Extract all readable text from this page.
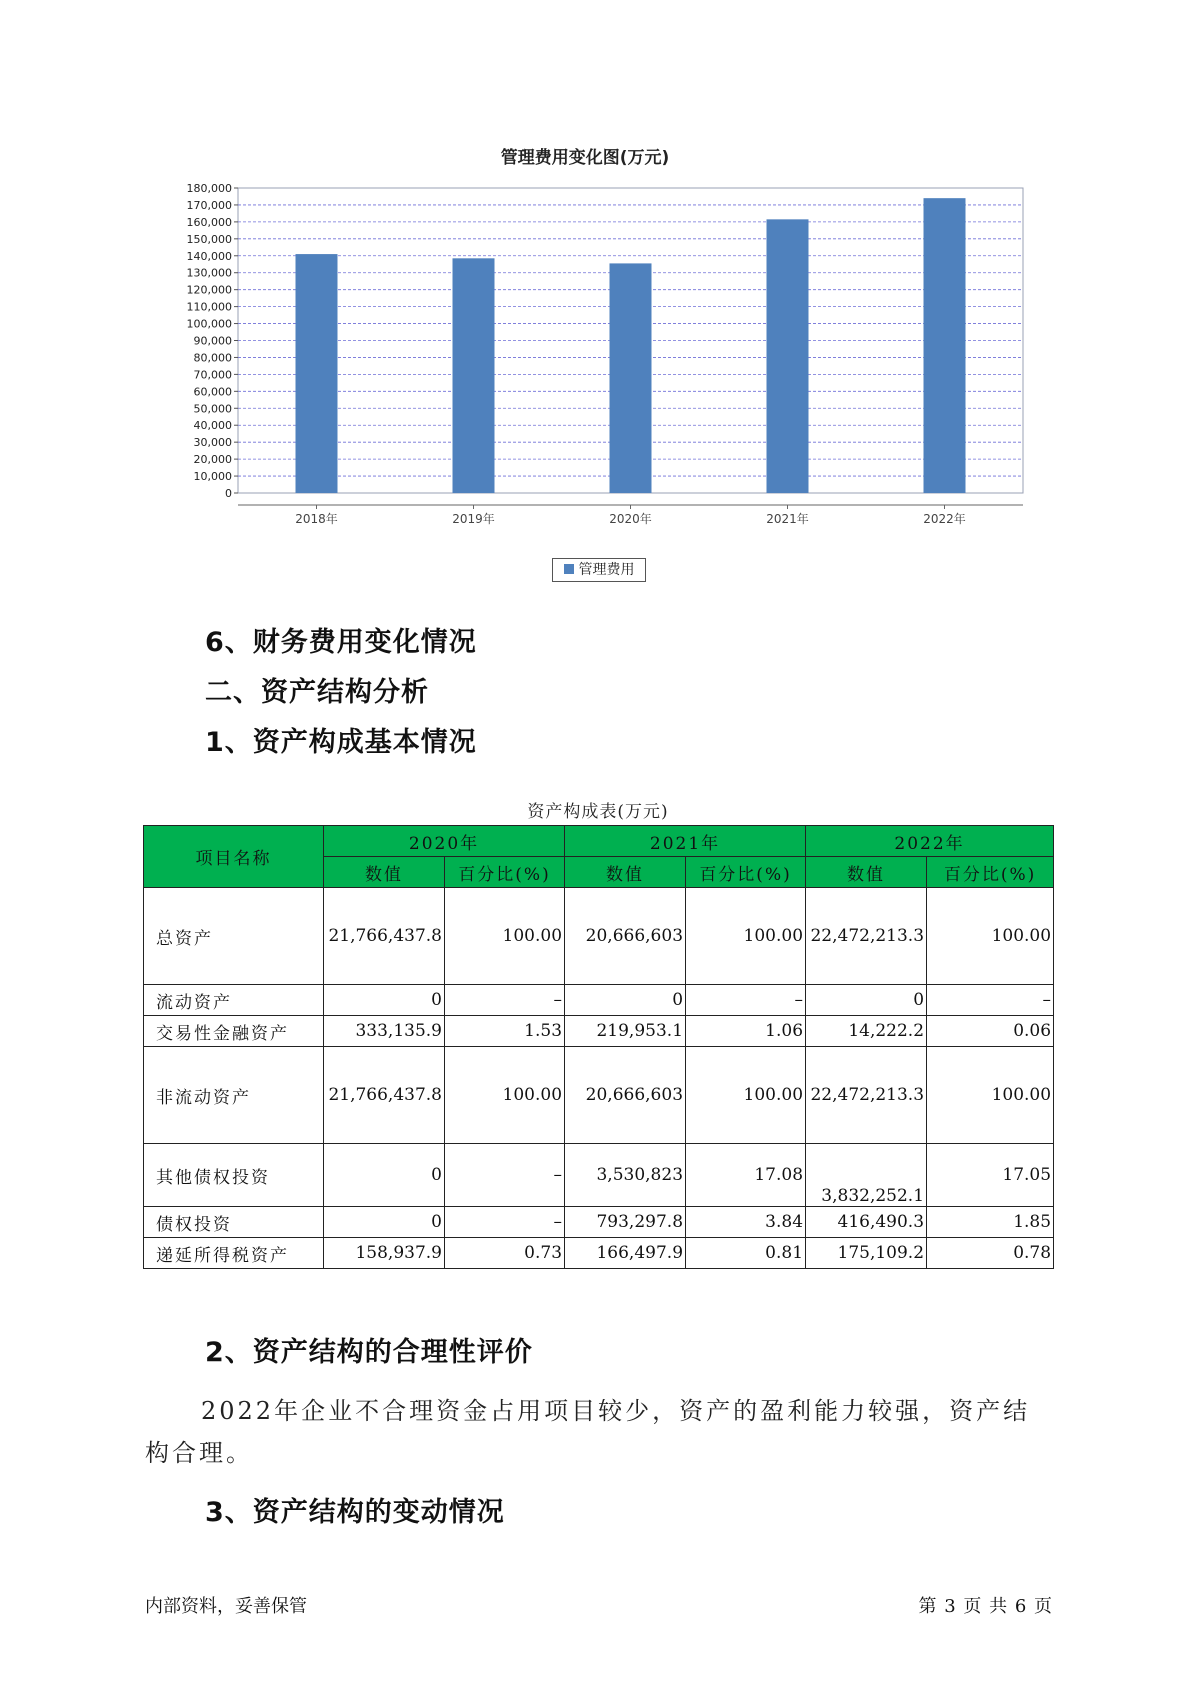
管理费用变化图(万元)
0
10,000
20,000
30,000
40,000
50,000
60,000
70,000
80,000
90,000
100,000
110,000
120,000
130,000
140,000
150,000
160,000
170,000
180,000
2018年	2019年	2020年	2021年	2022年
管理费用
6、财务费用变化情况
二、资产结构分析
1、资产构成基本情况
资产构成表(万元)
项目名称	2020年		2021年		2022年	
	数值	百分比(%)	数值	百分比(%)	数值	百分比(%)
总资产	21,766,437.8	100.00	20,666,603	100.00	22,472,213.3	100.00
流动资产	0	–	0	–	0	–
交易性金融资产	333,135.9	1.53	219,953.1	1.06	14,222.2	0.06
非流动资产	21,766,437.8	100.00	20,666,603	100.00	22,472,213.3	100.00
其他债权投资	0	–	3,530,823	17.08	3,832,252.1	17.05
债权投资	0	–	793,297.8	3.84	416,490.3	1.85
递延所得税资产	158,937.9	0.73	166,497.9	0.81	175,109.2	0.78
2、资产结构的合理性评价
2022年企业不合理资金占用项目较少，资产的盈利能力较强，资产结构合理。
3、资产结构的变动情况
内部资料，妥善保管	第 3 页 共 6 页
